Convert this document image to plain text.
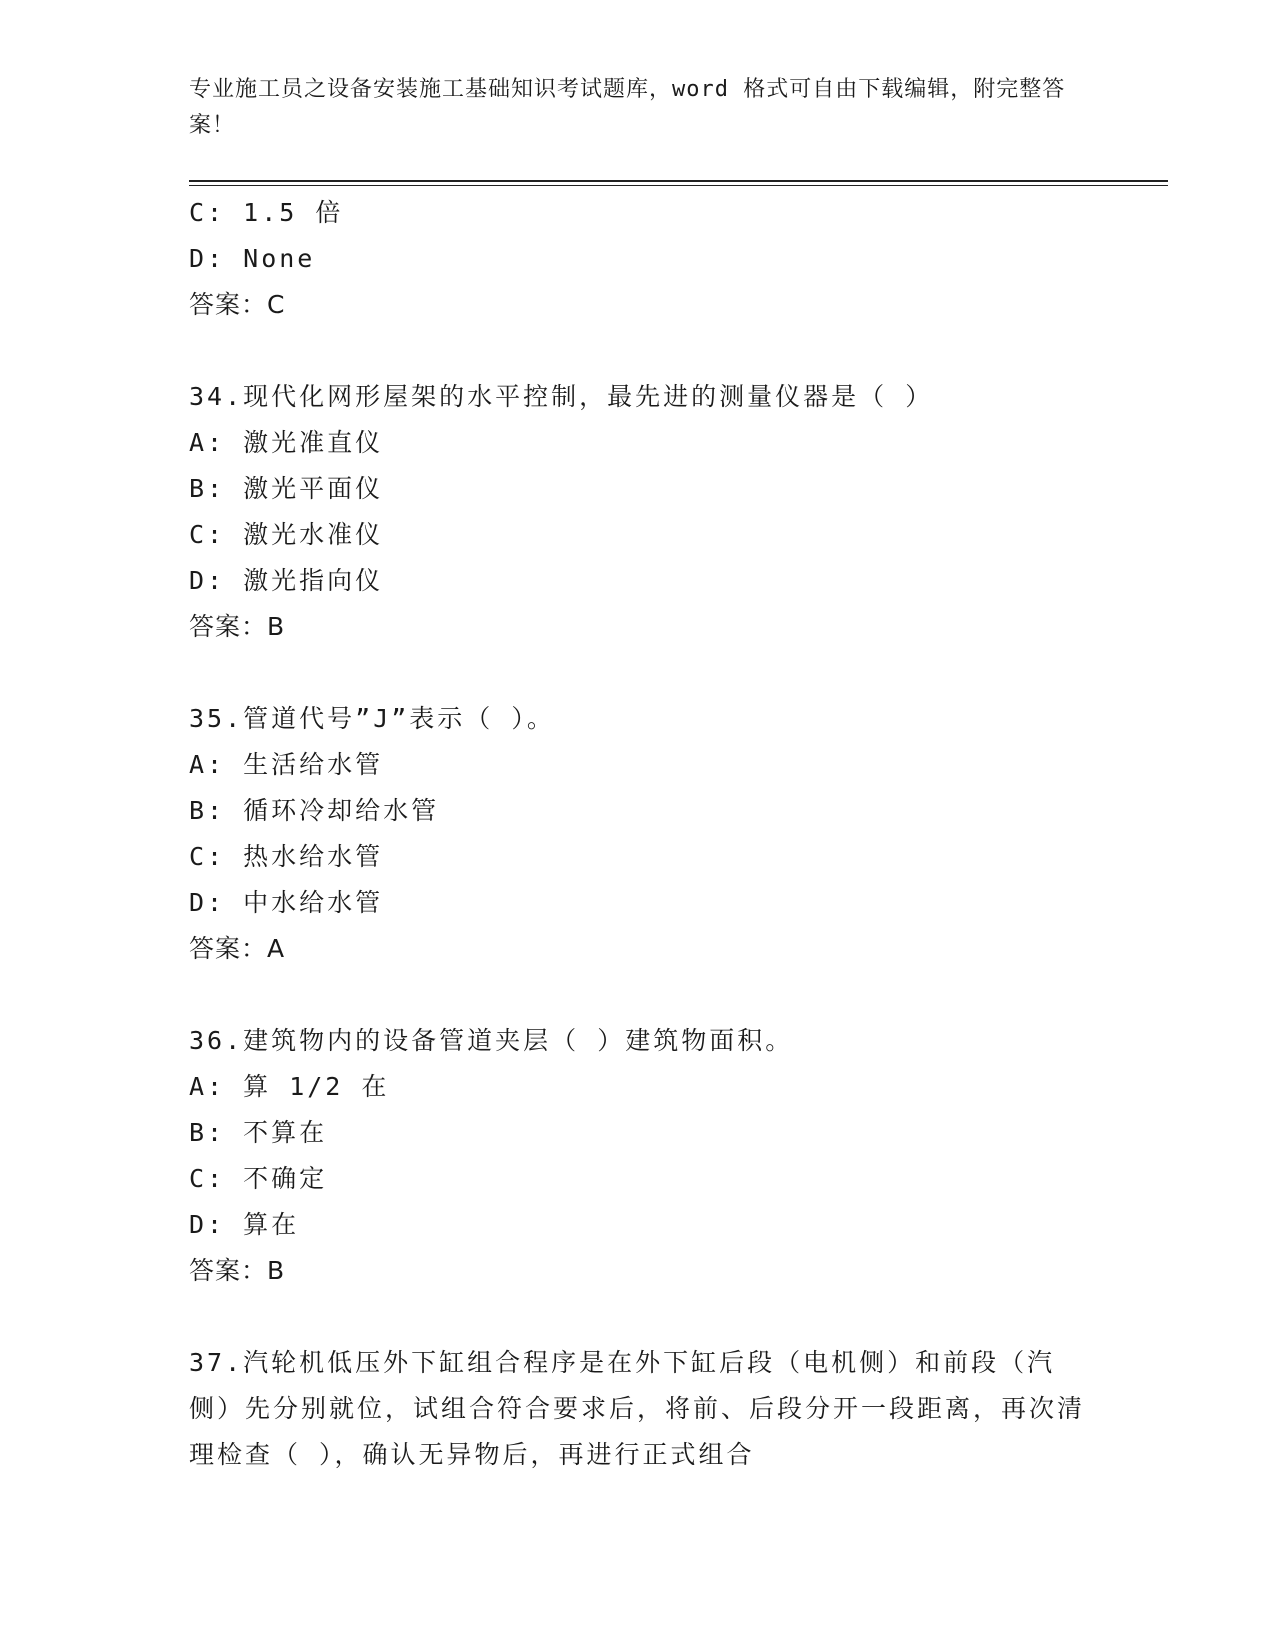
专业施工员之设备安装施工基础知识考试题库，word 格式可自由下载编辑，附完整答案！
C: 1.5 倍
D: None
答案：C
34.现代化网形屋架的水平控制，最先进的测量仪器是（ ）
A: 激光准直仪
B: 激光平面仪
C: 激光水准仪
D: 激光指向仪
答案：B
35.管道代号”J”表示（ ）。
A: 生活给水管
B: 循环冷却给水管
C: 热水给水管
D: 中水给水管
答案：A
36.建筑物内的设备管道夹层（ ）建筑物面积。
A: 算 1/2 在
B: 不算在
C: 不确定
D: 算在
答案：B
37.汽轮机低压外下缸组合程序是在外下缸后段（电机侧）和前段（汽侧）先分别就位，试组合符合要求后，将前、后段分开一段距离，再次清理检查（ ），确认无异物后，再进行正式组合
